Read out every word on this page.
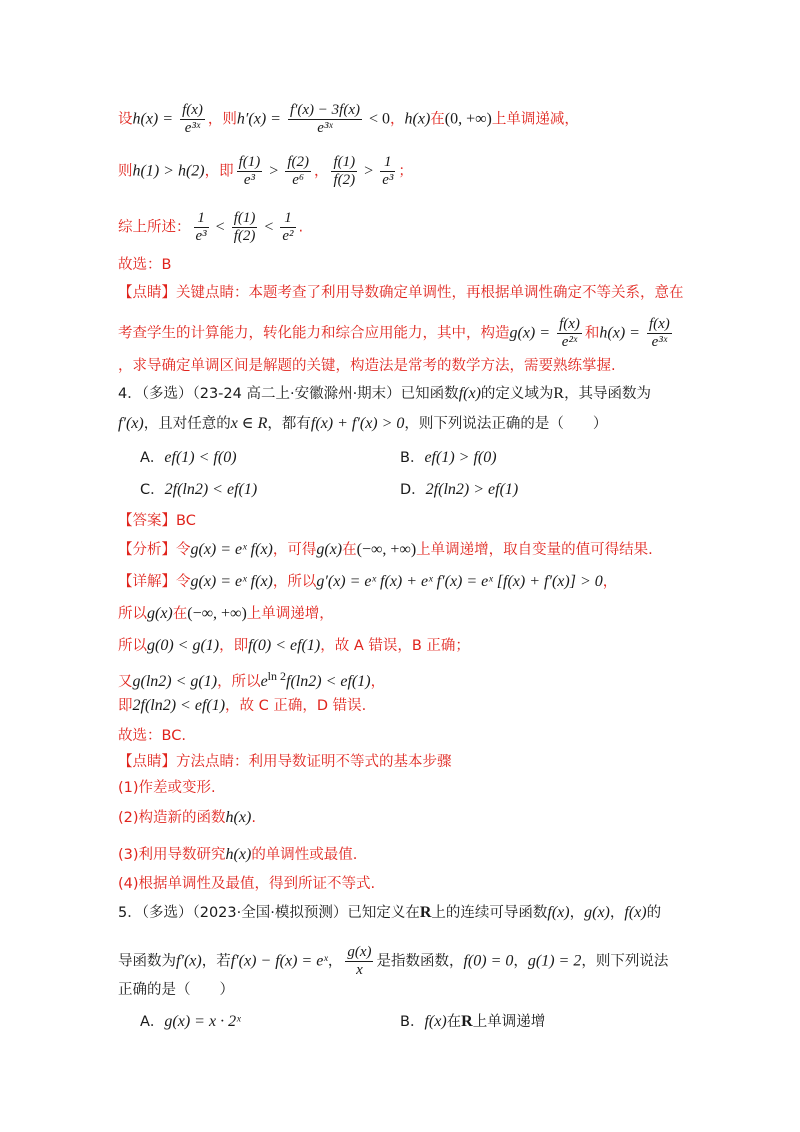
设$h(x) = \frac{f(x)}{\text{e³ˣ}}$ ，则$h'(x) = \frac{f'(x) - 3f(x)}{\text{e³ˣ}} < 0$，h(x)在(0, +∞)上单调递减，
则h(1) > h(2)，即 $\frac{f(1)}{\text{e³}} > \frac{f(2)}{\text{e⁶}}$ ， $\frac{f(1)}{f(2)} > \frac{1}{\text{e³}}$ ；
综上所述： $\frac{1}{\text{e³}} < \frac{f(1)}{f(2)} < \frac{1}{\text{e²}}$ .
故选：B
【点睛】关键点睛：本题考查了利用导数确定单调性，再根据单调性确定不等关系，意在
考查学生的计算能力，转化能力和综合应用能力，其中，构造$g(x) = \frac{f(x)}{\text{e²ˣ}}$ 和$h(x) = \frac{f(x)}{\text{e³ˣ}}$
，求导确定单调区间是解题的关键，构造法是常考的数学方法，需要熟练掌握.
4．（多选）（23-24 高二上·安徽滁州·期末）已知函数f(x)的定义域为R，其导函数为
f′(x)，且对任意的x ∈ R，都有f(x) + f′(x) > 0，则下列说法正确的是（　　）
A．ef(1) < f(0)	B．ef(1) > f(0)
C．2f(ln2) < ef(1)	D．2f(ln2) > ef(1)
【答案】BC
【分析】令g(x) = eˣ f(x)，可得g(x)在(−∞, +∞)上单调递增，取自变量的值可得结果.
【详解】令g(x) = eˣ f(x)，所以g′(x) = eˣ f(x) + eˣ f′(x) = eˣ [f(x) + f′(x)] > 0，
所以g(x)在(−∞, +∞)上单调递增，
所以g(0) < g(1)，即f(0) < ef(1)，故 A 错误，B 正确；
又g(ln2) < g(1)，所以$e^{ln 2}f(\ln 2) < ef(1)$，
即2f(ln2) < ef(1)，故 C 正确，D 错误.
故选：BC.
【点睛】方法点睛：利用导数证明不等式的基本步骤
(1)作差或变形.
(2)构造新的函数h(x).
(3)利用导数研究h(x)的单调性或最值.
(4)根据单调性及最值，得到所证不等式.
5．（多选）（2023·全国·模拟预测）已知定义在R上的连续可导函数f(x)，g(x)，f(x)的
导函数为f′(x)，若f′(x) − f(x) = eˣ， $\frac{g(x)}{x}$ 是指数函数，f(0) = 0，g(1) = 2，则下列说法
正确的是（　　）
A．g(x) = x · 2ˣ	B．f(x)在R上单调递增
